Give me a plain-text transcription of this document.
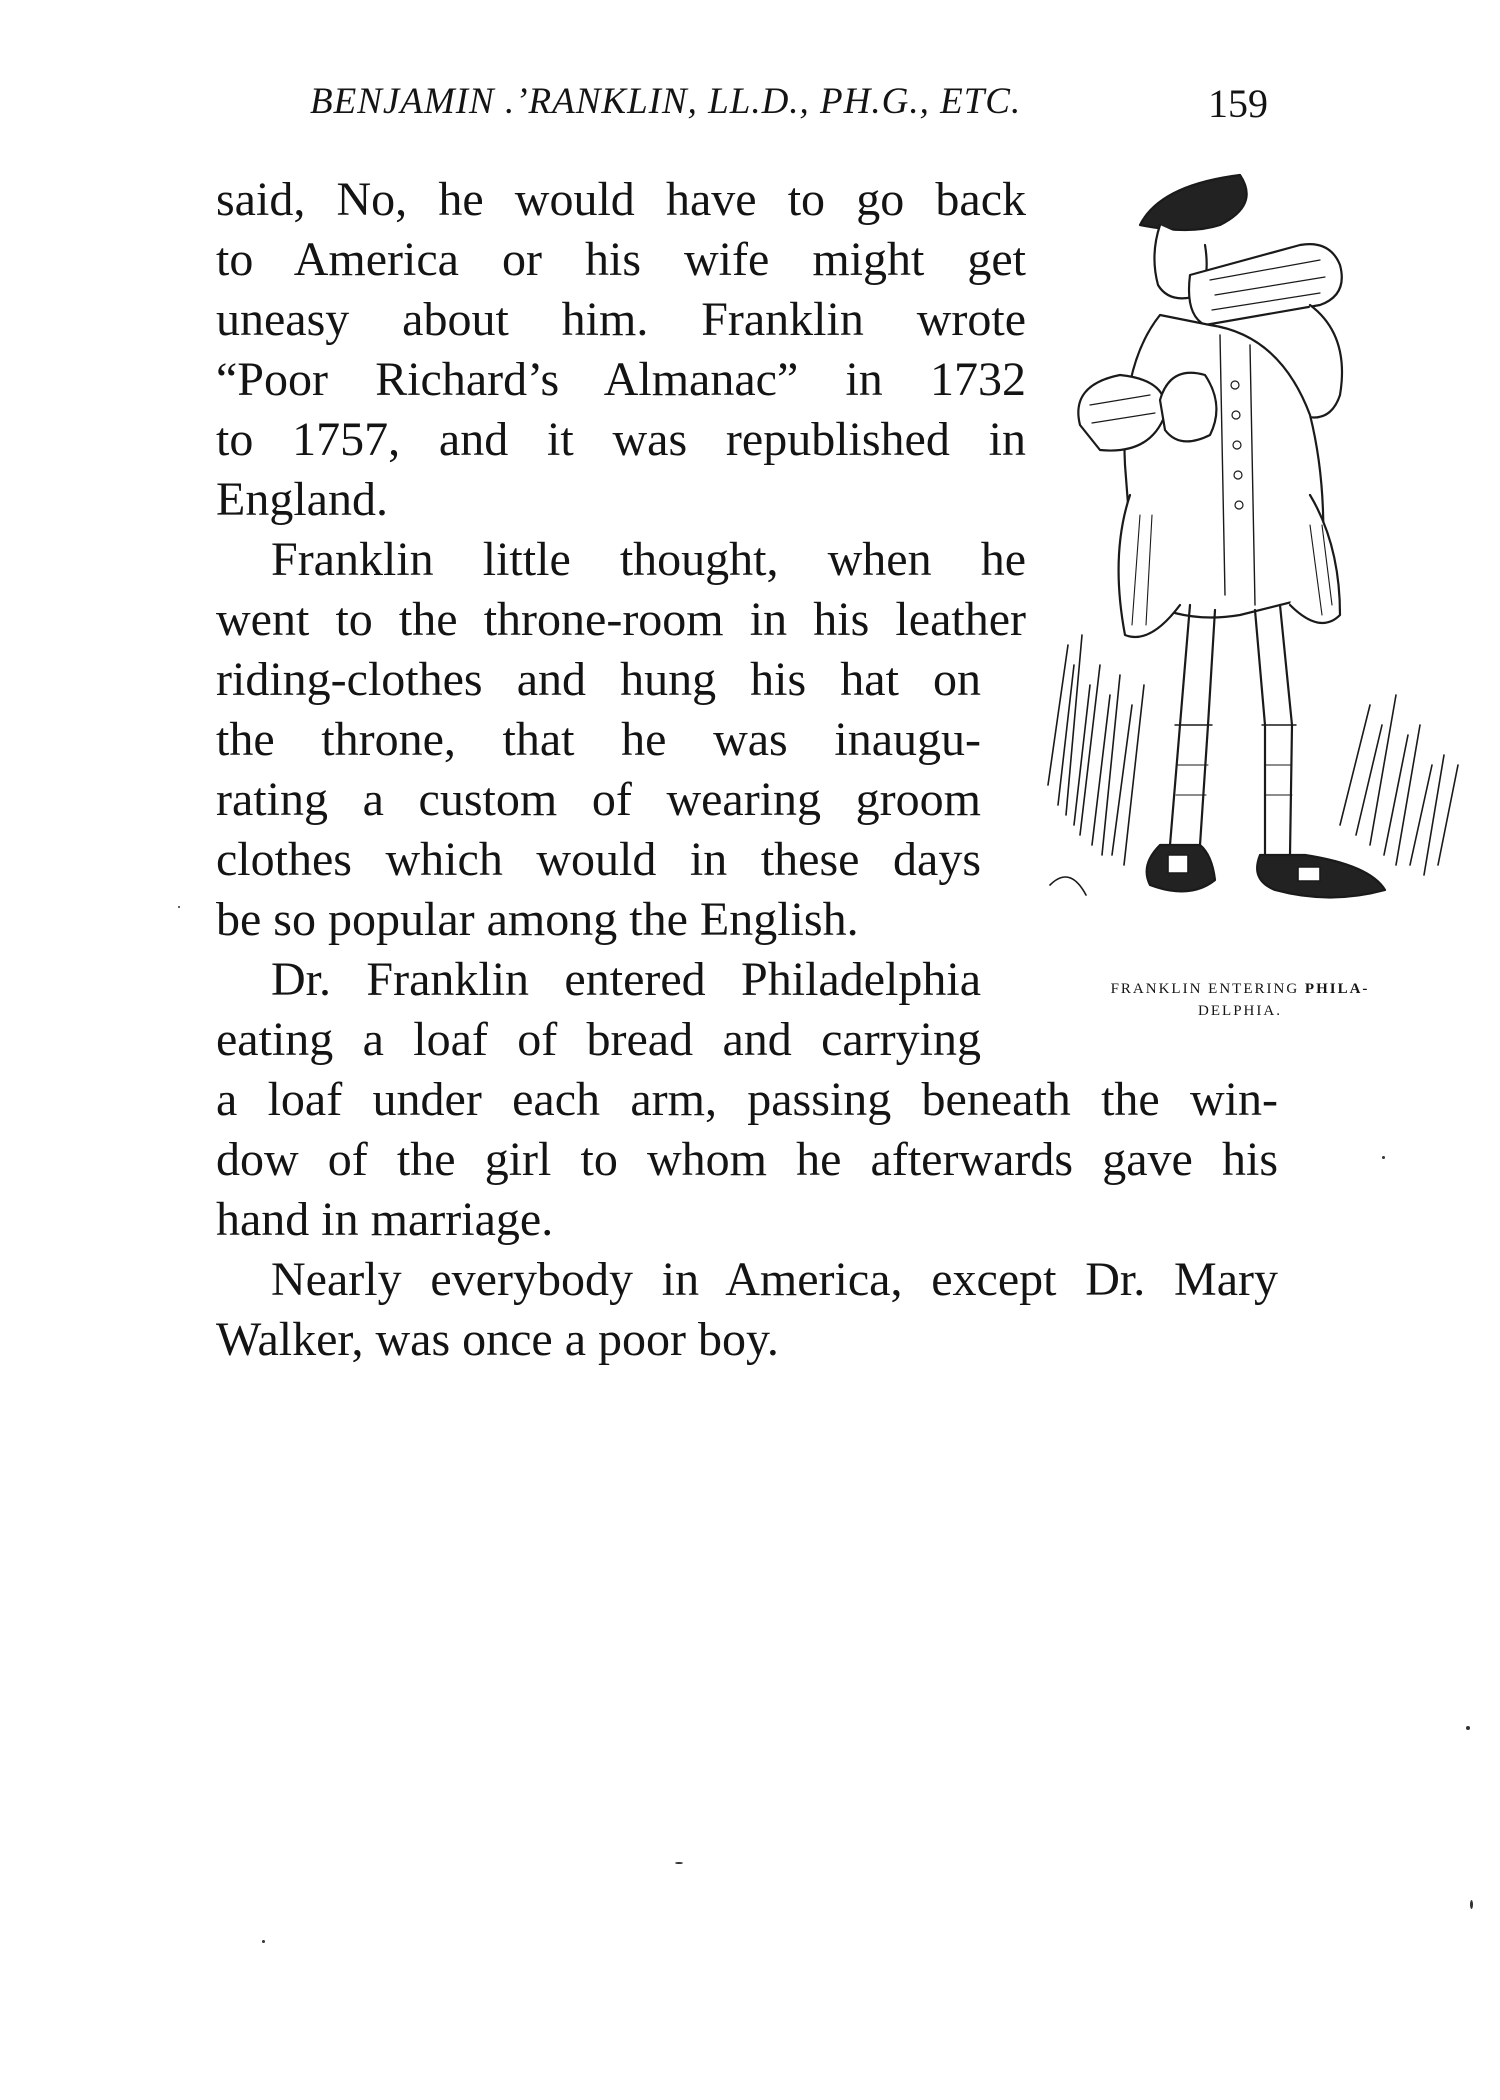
BENJAMIN .’RANKLIN, LL.D., PH.G., ETC.	159
said, No, he would have to go back
to America or his wife might get
uneasy about him. Franklin wrote
“Poor Richard’s Almanac” in 1732
to 1757, and it was republished in
England.
Franklin little thought, when he
went to the throne-room in his leather
riding-clothes and hung his hat on
the throne, that he was inaugu-
rating a custom of wearing groom
clothes which would in these days
be so popular among the English.
Dr. Franklin entered Philadelphia
eating a loaf of bread and carrying
a loaf under each arm, passing beneath the win-
dow of the girl to whom he afterwards gave his
hand in marriage.
Nearly everybody in America, except Dr. Mary
Walker, was once a poor boy.
FRANKLIN ENTERING PHILA-
DELPHIA.
